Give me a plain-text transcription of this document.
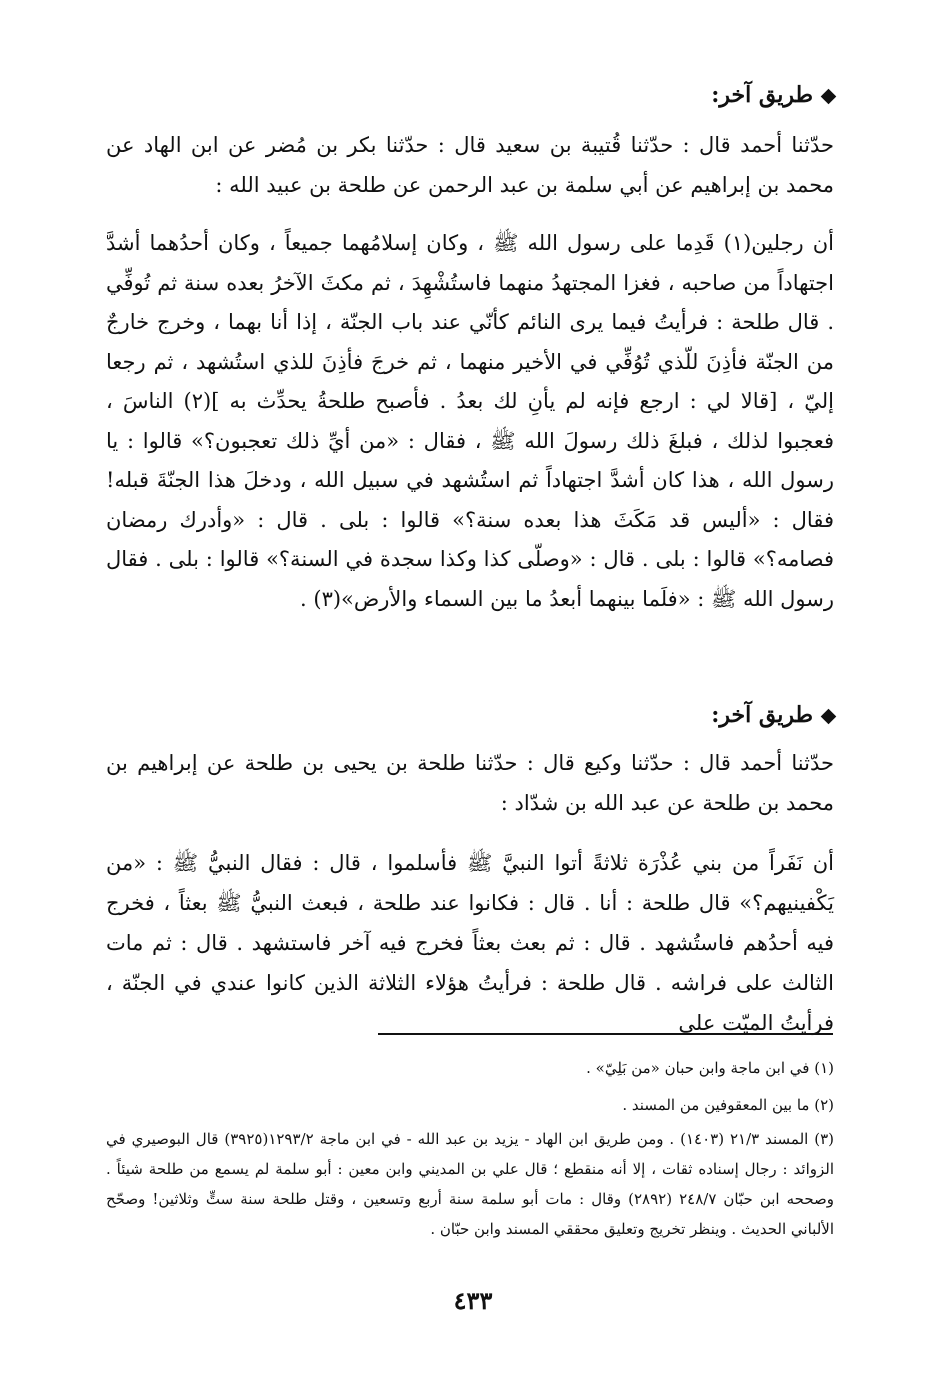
طريق آخر:
حدّثنا أحمد قال : حدّثنا قُتيبة بن سعيد قال : حدّثنا بكر بن مُضر عن ابن الهاد عن محمد بن إبراهيم عن أبي سلمة بن عبد الرحمن عن طلحة بن عبيد الله :
أن رجلين(١) قَدِما على رسول الله ﷺ ، وكان إسلامُهما جميعاً ، وكان أحدُهما أشدَّ اجتهاداً من صاحبه ، فغزا المجتهدُ منهما فاستُشْهِدَ ، ثم مكثَ الآخرُ بعده سنة ثم تُوفِّي . قال طلحة : فرأيتُ فيما يرى النائم كأنّي عند باب الجنّة ، إذا أنا بهما ، وخرج خارجٌ من الجنّة فأذِنَ للّذي تُوُفِّي في الأخير منهما ، ثم خرجَ فأذِنَ للذي استُشهد ، ثم رجعا إليّ ، [قالا لي : ارجع فإنه لم يأنِ لك بعدُ . فأصبح طلحةُ يحدِّث به ](٢) الناسَ ، فعجبوا لذلك ، فبلغَ ذلك رسولَ الله ﷺ ، فقال : «من أيِّ ذلك تعجبون؟» قالوا : يا رسول الله ، هذا كان أشدَّ اجتهاداً ثم استُشهد في سبيل الله ، ودخلَ هذا الجنّةَ قبله! فقال : «أليس قد مَكَثَ هذا بعده سنة؟» قالوا : بلى . قال : «وأدرك رمضان فصامه؟» قالوا : بلى . قال : «وصلّى كذا وكذا سجدة في السنة؟» قالوا : بلى . فقال رسول الله ﷺ : «فلَما بينهما أبعدُ ما بين السماء والأرض»(٣) .
طريق آخر:
حدّثنا أحمد قال : حدّثنا وكيع قال : حدّثنا طلحة بن يحيى بن طلحة عن إبراهيم بن محمد بن طلحة عن عبد الله بن شدّاد :
أن نَفَراً من بني عُذْرَة ثلاثةً أتوا النبيَّ ﷺ فأسلموا ، قال : فقال النبيُّ ﷺ : «من يَكْفينيهم؟» قال طلحة : أنا . قال : فكانوا عند طلحة ، فبعث النبيُّ ﷺ بعثاً ، فخرج فيه أحدُهم فاستُشهد . قال : ثم بعث بعثاً فخرج فيه آخر فاستشهد . قال : ثم مات الثالث على فراشه . قال طلحة : فرأيتُ هؤلاء الثلاثة الذين كانوا عندي في الجنّة ، فرأيتُ الميّت على
(١) في ابن ماجة وابن حبان «من بَلِيّ» .
(٢) ما بين المعقوفين من المسند .
(٣) المسند ٢١/٣ (١٤٠٣) . ومن طريق ابن الهاد - يزيد بن عبد الله - في ابن ماجة ١٢٩٣/٢(٣٩٢٥) قال البوصيري في الزوائد : رجال إسناده ثقات ، إلا أنه منقطع ؛ قال علي بن المديني وابن معين : أبو سلمة لم يسمع من طلحة شيئاً . وصححه ابن حبّان ٢٤٨/٧ (٢٨٩٢) وقال : مات أبو سلمة سنة أربع وتسعين ، وقتل طلحة سنة ستٍّ وثلاثين! وصحّح الألباني الحديث . وينظر تخريج وتعليق محققي المسند وابن حبّان .
٤٣٣
